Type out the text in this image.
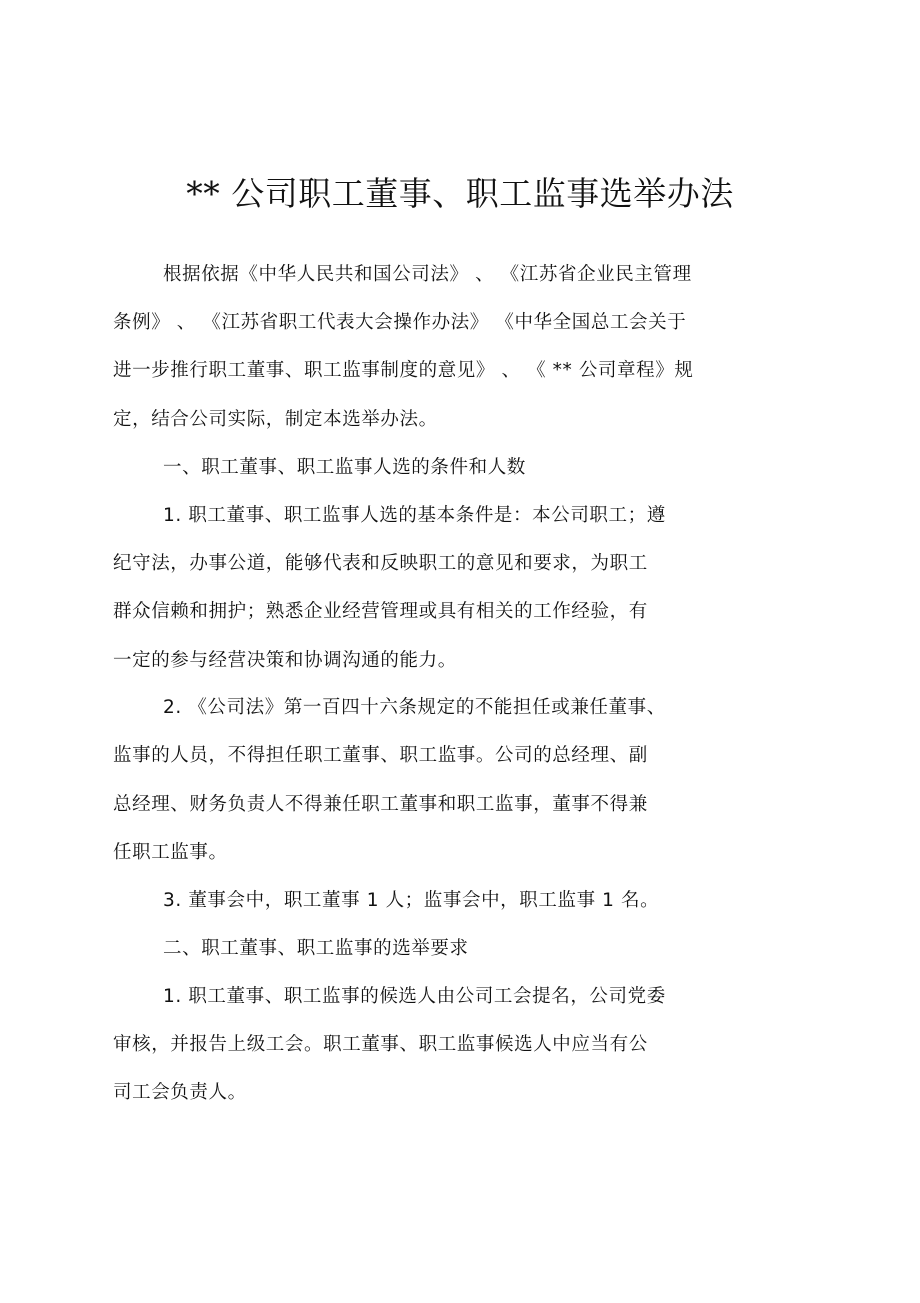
** 公司职工董事、职工监事选举办法
根据依据《中华人民共和国公司法》 、 《江苏省企业民主管理
条例》 、 《江苏省职工代表大会操作办法》 《中华全国总工会关于
进一步推行职工董事、职工监事制度的意见》 、 《 ** 公司章程》规
定，结合公司实际，制定本选举办法。
一、职工董事、职工监事人选的条件和人数
1. 职工董事、职工监事人选的基本条件是：本公司职工；遵
纪守法，办事公道，能够代表和反映职工的意见和要求，为职工
群众信赖和拥护；熟悉企业经营管理或具有相关的工作经验，有
一定的参与经营决策和协调沟通的能力。
2. 《公司法》第一百四十六条规定的不能担任或兼任董事、
监事的人员，不得担任职工董事、职工监事。公司的总经理、副
总经理、财务负责人不得兼任职工董事和职工监事，董事不得兼
任职工监事。
3. 董事会中，职工董事 1 人；监事会中，职工监事 1 名。
二、职工董事、职工监事的选举要求
1. 职工董事、职工监事的候选人由公司工会提名，公司党委
审核，并报告上级工会。职工董事、职工监事候选人中应当有公
司工会负责人。
